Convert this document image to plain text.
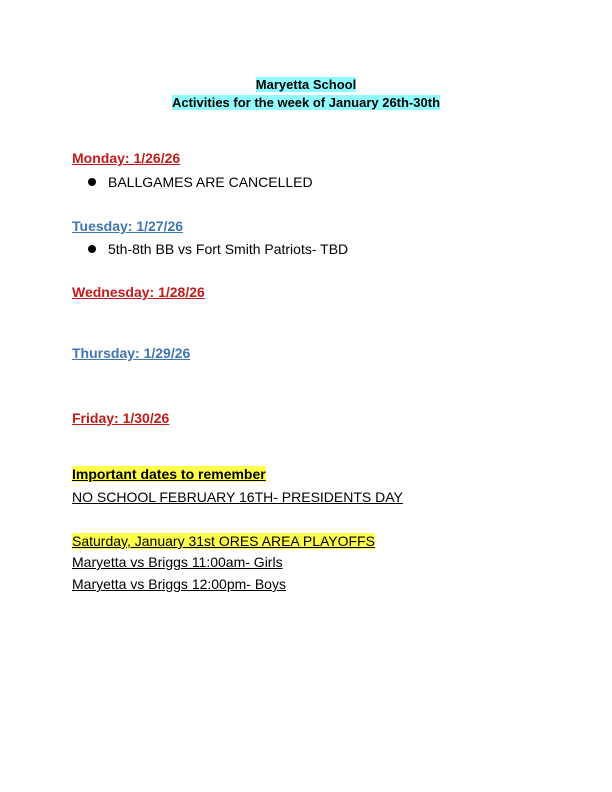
Maryetta School
Activities for the week of January 26th-30th
Monday: 1/26/26
BALLGAMES ARE CANCELLED
Tuesday: 1/27/26
5th-8th BB vs Fort Smith Patriots- TBD
Wednesday: 1/28/26
Thursday: 1/29/26
Friday: 1/30/26
Important dates to remember
NO SCHOOL FEBRUARY 16TH- PRESIDENTS DAY
Saturday, January 31st ORES AREA PLAYOFFS
Maryetta vs Briggs 11:00am- Girls
Maryetta vs Briggs 12:00pm- Boys
